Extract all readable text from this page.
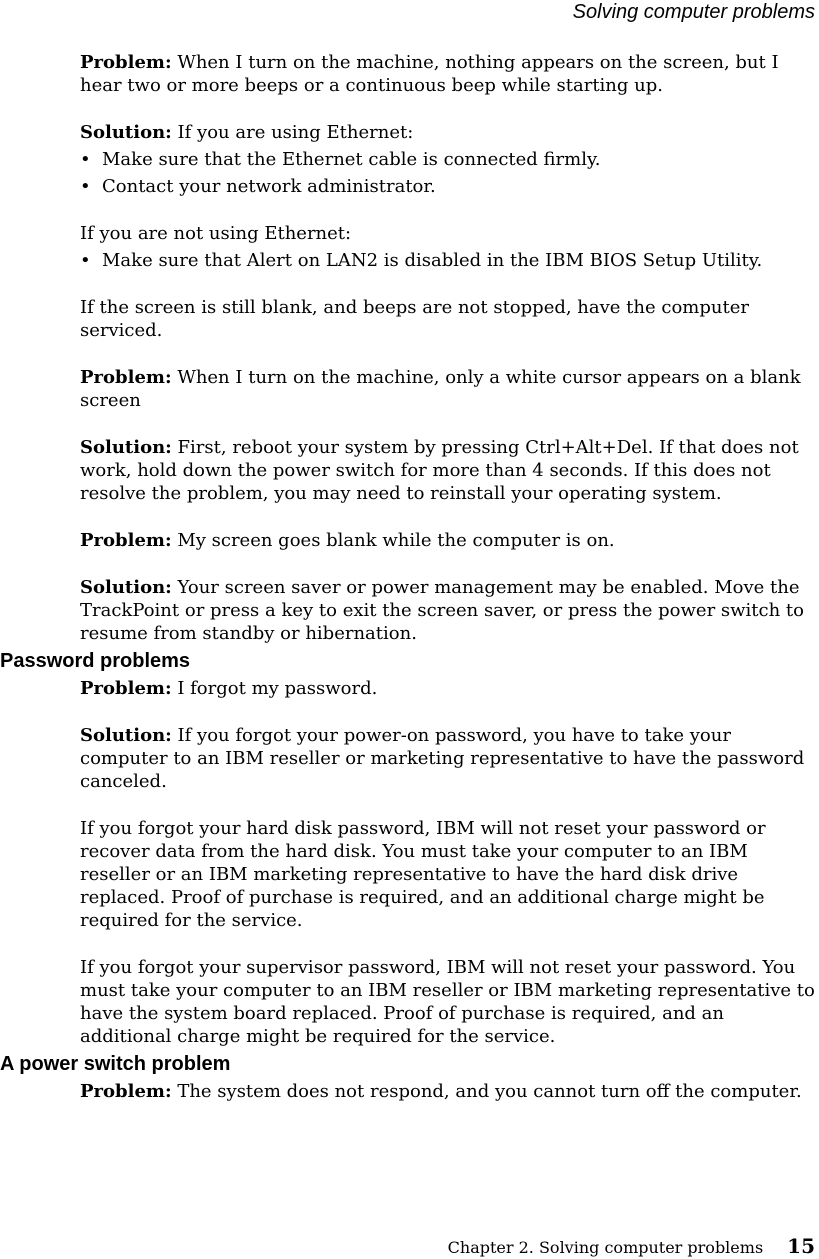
Solving computer problems

Problem: When I turn on the machine, nothing appears on the screen, but I hear two or more beeps or a continuous beep while starting up.

Solution: If you are using Ethernet:

• Make sure that the Ethernet cable is connected firmly.
• Contact your network administrator.

If you are not using Ethernet:

• Make sure that Alert on LAN2 is disabled in the IBM BIOS Setup Utility.

If the screen is still blank, and beeps are not stopped, have the computer serviced.

Problem: When I turn on the machine, only a white cursor appears on a blank screen

Solution: First, reboot your system by pressing Ctrl+Alt+Del. If that does not work, hold down the power switch for more than 4 seconds. If this does not resolve the problem, you may need to reinstall your operating system.

Problem: My screen goes blank while the computer is on.

Solution: Your screen saver or power management may be enabled. Move the TrackPoint or press a key to exit the screen saver, or press the power switch to resume from standby or hibernation.

Password problems

Problem: I forgot my password.

Solution: If you forgot your power-on password, you have to take your computer to an IBM reseller or marketing representative to have the password canceled.

If you forgot your hard disk password, IBM will not reset your password or recover data from the hard disk. You must take your computer to an IBM reseller or an IBM marketing representative to have the hard disk drive replaced. Proof of purchase is required, and an additional charge might be required for the service.

If you forgot your supervisor password, IBM will not reset your password. You must take your computer to an IBM reseller or IBM marketing representative to have the system board replaced. Proof of purchase is required, and an additional charge might be required for the service.

A power switch problem

Problem: The system does not respond, and you cannot turn off the computer.

Chapter 2. Solving computer problems 15
